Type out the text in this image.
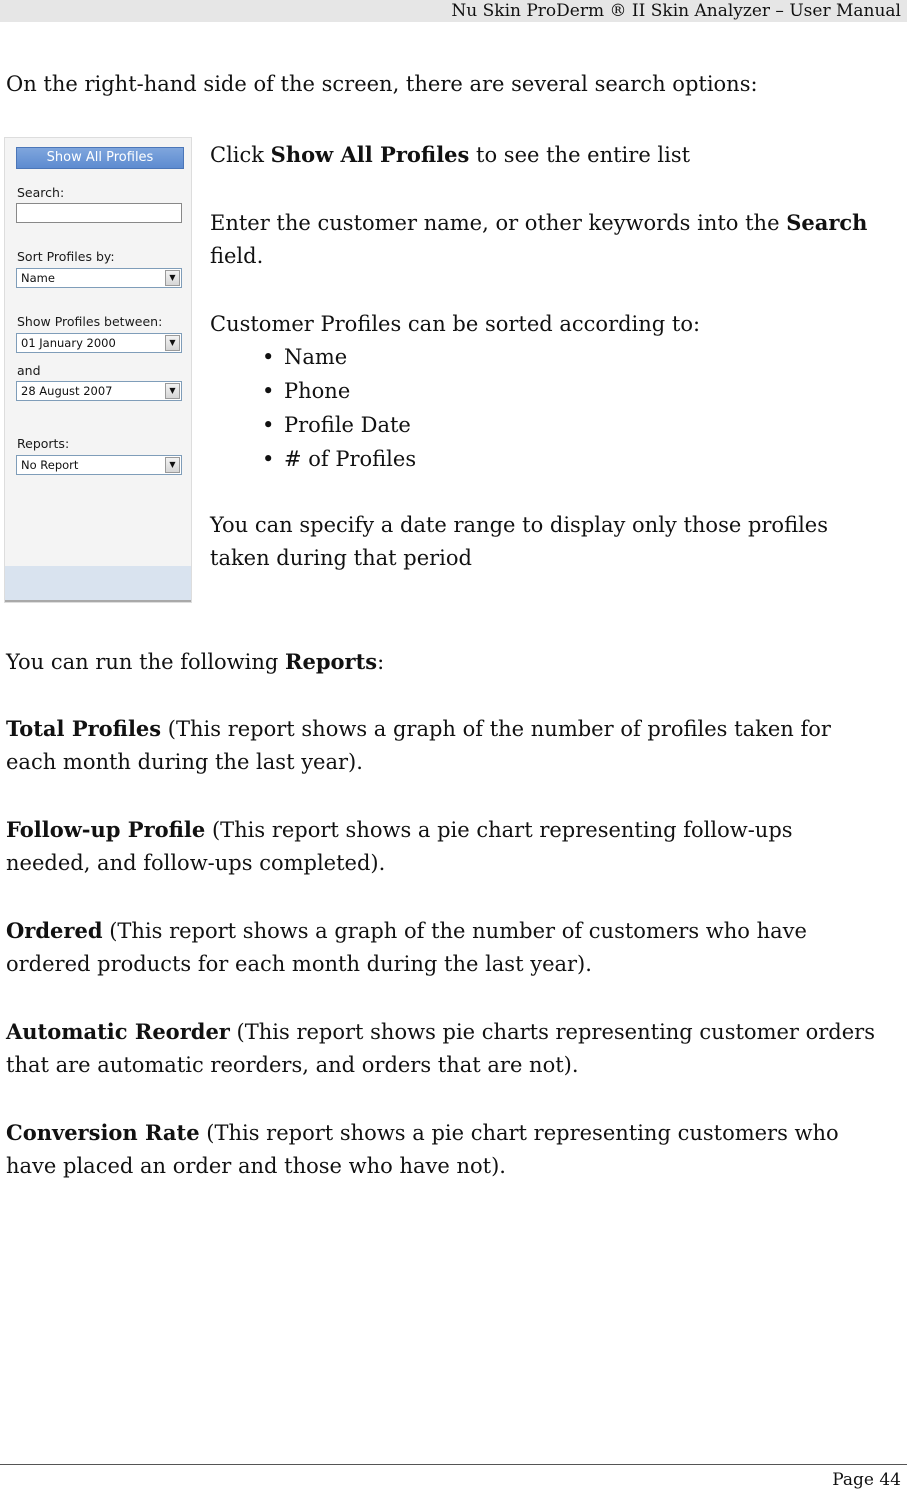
Nu Skin ProDerm ® II Skin Analyzer – User Manual
On the right-hand side of the screen, there are several search options:
Show All Profiles
Search:
Sort Profiles by:
Name	▼
Show Profiles between:
01 January 2000	▼
and
28 August 2007	▼
Reports:
No Report	▼
Click Show All Profiles to see the entire list
Enter the customer name, or other keywords into the Search
field.
Customer Profiles can be sorted according to:
• Name
• Phone
• Profile Date
• # of Profiles
You can specify a date range to display only those profiles
taken during that period
You can run the following Reports:
Total Profiles (This report shows a graph of the number of profiles taken for
each month during the last year).
Follow-up Profile (This report shows a pie chart representing follow-ups
needed, and follow-ups completed).
Ordered (This report shows a graph of the number of customers who have
ordered products for each month during the last year).
Automatic Reorder (This report shows pie charts representing customer orders
that are automatic reorders, and orders that are not).
Conversion Rate (This report shows a pie chart representing customers who
have placed an order and those who have not).
Page 44
